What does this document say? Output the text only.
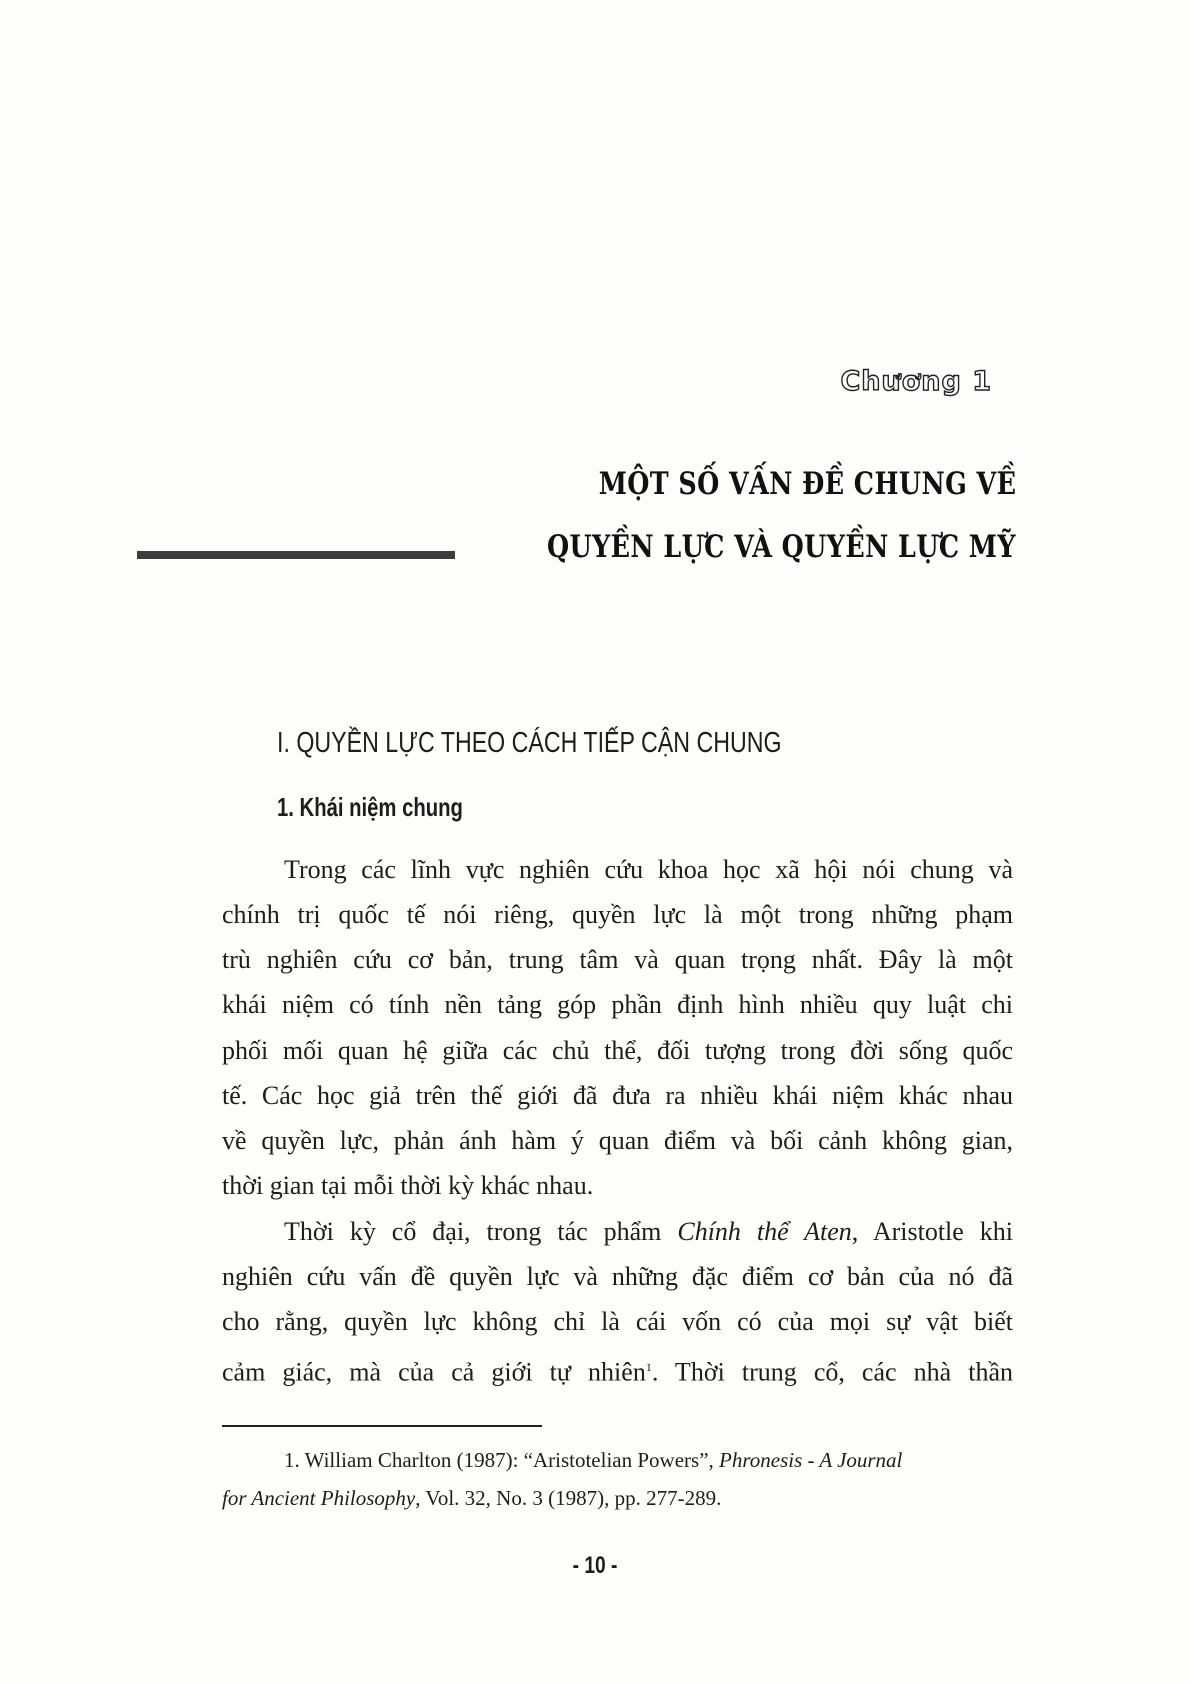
Chương 1
MỘT SỐ VẤN ĐỀ CHUNG VỀ
QUYỀN LỰC VÀ QUYỀN LỰC MỸ
I. QUYỀN LỰC THEO CÁCH TIẾP CẬN CHUNG
1. Khái niệm chung
Trong các lĩnh vực nghiên cứu khoa học xã hội nói chung và
chính trị quốc tế nói riêng, quyền lực là một trong những phạm
trù nghiên cứu cơ bản, trung tâm và quan trọng nhất. Đây là một
khái niệm có tính nền tảng góp phần định hình nhiều quy luật chi
phối mối quan hệ giữa các chủ thể, đối tượng trong đời sống quốc
tế. Các học giả trên thế giới đã đưa ra nhiều khái niệm khác nhau
về quyền lực, phản ánh hàm ý quan điểm và bối cảnh không gian,
thời gian tại mỗi thời kỳ khác nhau.
Thời kỳ cổ đại, trong tác phẩm Chính thể Aten, Aristotle khi
nghiên cứu vấn đề quyền lực và những đặc điểm cơ bản của nó đã
cho rằng, quyền lực không chỉ là cái vốn có của mọi sự vật biết
cảm giác, mà của cả giới tự nhiên$^1$. Thời trung cổ, các nhà thần
1. William Charlton (1987): “Aristotelian Powers”, Phronesis - A Journal
for Ancient Philosophy, Vol. 32, No. 3 (1987), pp. 277-289.
- 10 -
